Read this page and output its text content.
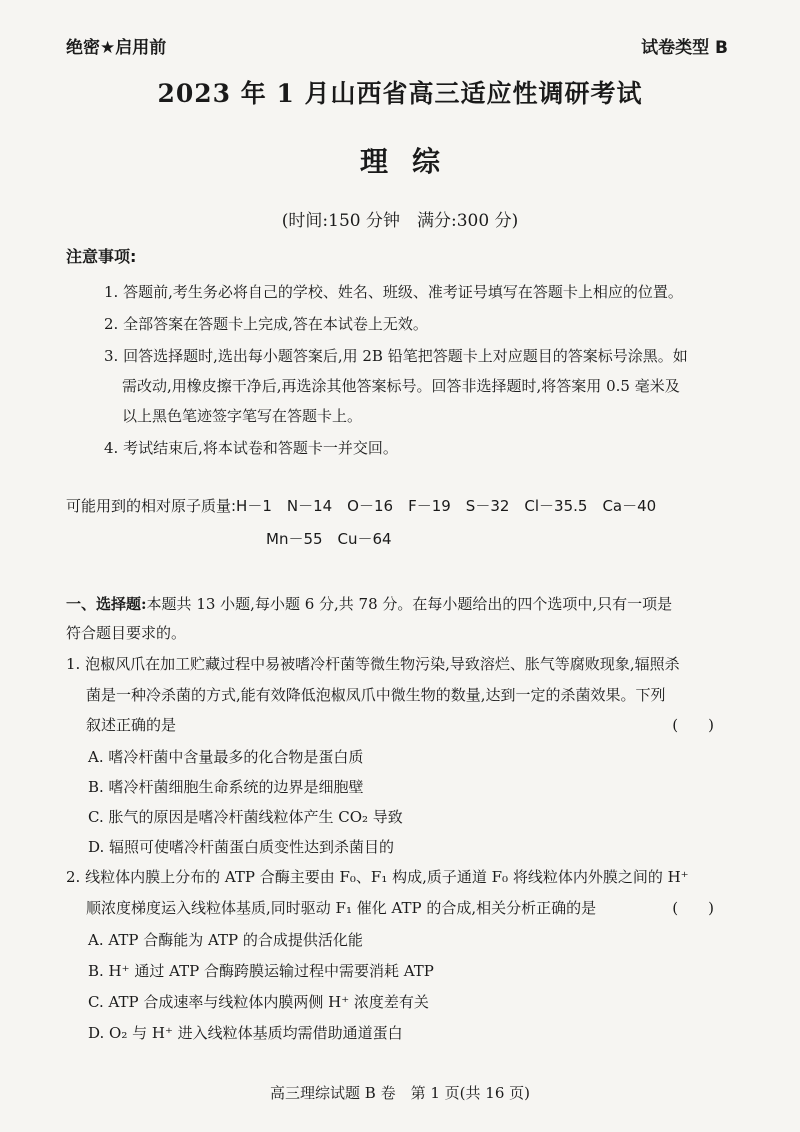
绝密★启用前	试卷类型 B
2023 年 1 月山西省高三适应性调研考试
理综
(时间:150 分钟　满分:300 分)
注意事项:
1. 答题前,考生务必将自己的学校、姓名、班级、准考证号填写在答题卡上相应的位置。
2. 全部答案在答题卡上完成,答在本试卷上无效。
3. 回答选择题时,选出每小题答案后,用 2B 铅笔把答题卡上对应题目的答案标号涂黑。如
需改动,用橡皮擦干净后,再选涂其他答案标号。回答非选择题时,将答案用 0.5 毫米及
以上黑色笔迹签字笔写在答题卡上。
4. 考试结束后,将本试卷和答题卡一并交回。
可能用到的相对原子质量:H－1　N－14　O－16　F－19　S－32　Cl－35.5　Ca－40
Mn－55　Cu－64
一、选择题:本题共 13 小题,每小题 6 分,共 78 分。在每小题给出的四个选项中,只有一项是
符合题目要求的。
1. 泡椒风爪在加工贮藏过程中易被嗜冷杆菌等微生物污染,导致溶烂、胀气等腐败现象,辐照杀
菌是一种冷杀菌的方式,能有效降低泡椒凤爪中微生物的数量,达到一定的杀菌效果。下列
叙述正确的是	(　　)
A. 嗜冷杆菌中含量最多的化合物是蛋白质
B. 嗜冷杆菌细胞生命系统的边界是细胞壁
C. 胀气的原因是嗜冷杆菌线粒体产生 CO₂ 导致
D. 辐照可使嗜冷杆菌蛋白质变性达到杀菌目的
2. 线粒体内膜上分布的 ATP 合酶主要由 F₀、F₁ 构成,质子通道 F₀ 将线粒体内外膜之间的 H⁺
顺浓度梯度运入线粒体基质,同时驱动 F₁ 催化 ATP 的合成,相关分析正确的是	(　　)
A. ATP 合酶能为 ATP 的合成提供活化能
B. H⁺ 通过 ATP 合酶跨膜运输过程中需要消耗 ATP
C. ATP 合成速率与线粒体内膜两侧 H⁺ 浓度差有关
D. O₂ 与 H⁺ 进入线粒体基质均需借助通道蛋白
高三理综试题 B 卷　第 1 页(共 16 页)
